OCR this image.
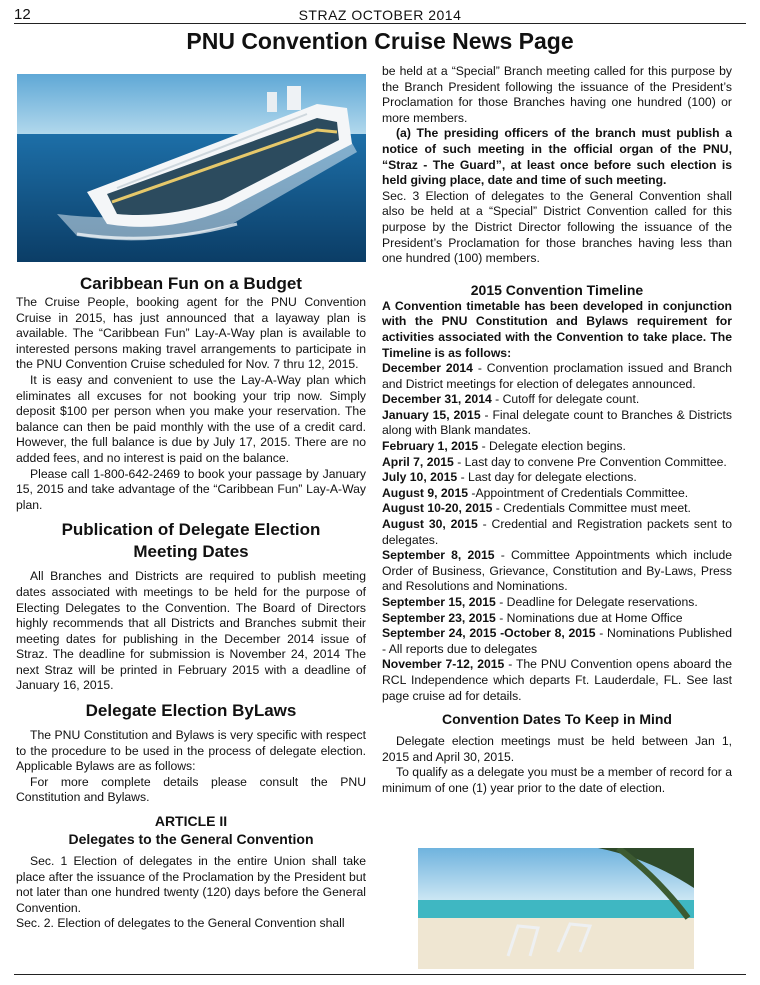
12	STRAZ OCTOBER 2014
PNU Convention Cruise News Page
Caribbean Fun on a Budget

The Cruise People, booking agent for the PNU Convention Cruise in 2015, has just announced that a layaway plan is available. The “Caribbean Fun” Lay-A-Way plan is available to interested persons making travel arrangements to participate in the PNU Convention Cruise scheduled for Nov. 7 thru 12, 2015.

It is easy and convenient to use the Lay-A-Way plan which eliminates all excuses for not booking your trip now. Simply deposit $100 per person when you make your reservation. The balance can then be paid monthly with the use of a credit card. However, the full balance is due by July 17, 2015. There are no added fees, and no interest is paid on the balance.

Please call 1-800-642-2469 to book your passage by January 15, 2015 and take advantage of the “Caribbean Fun” Lay-A-Way plan.

Publication of Delegate Election
Meeting Dates

All Branches and Districts are required to publish meeting dates associated with meetings to be held for the purpose of Electing Delegates to the Convention. The Board of Directors highly recommends that all Districts and Branches submit their meeting dates for publishing in the December 2014 issue of Straz. The deadline for submission is November 24, 2014 The next Straz will be printed in February 2015 with a deadline of January 16, 2015.

Delegate Election ByLaws

The PNU Constitution and Bylaws is very specific with respect to the procedure to be used in the process of delegate election. Applicable Bylaws are as follows:

For more complete details please consult the PNU Constitution and Bylaws.

ARTICLE II
Delegates to the General Convention

Sec. 1 Election of delegates in the entire Union shall take place after the issuance of the Proclamation by the President but not later than one hundred twenty (120) days before the General Convention.

Sec. 2. Election of delegates to the General Convention shall

be held at a “Special” Branch meeting called for this purpose by the Branch President following the issuance of the President’s Proclamation for those Branches having one hundred (100) or more members.

(a) The presiding officers of the branch must publish a notice of such meeting in the official organ of the PNU, “Straz - The Guard”, at least once before such election is held giving place, date and time of such meeting.

Sec. 3 Election of delegates to the General Convention shall also be held at a “Special” District Convention called for this purpose by the District Director following the issuance of the President’s Proclamation for those branches having less than one hundred (100) members.

2015 Convention Timeline

A Convention timetable has been developed in conjunction with the PNU Constitution and Bylaws requirement for activities associated with the Convention to take place. The Timeline is as follows:

December 2014 - Convention proclamation issued and Branch and District meetings for election of delegates announced.

December 31, 2014 - Cutoff for delegate count.

January 15, 2015 - Final delegate count to Branches & Districts along with Blank mandates.

February 1, 2015 - Delegate election begins.

April 7, 2015 - Last day to convene Pre Convention Committee.

July 10, 2015 - Last day for delegate elections.

August 9, 2015 -Appointment of Credentials Committee.

August 10-20, 2015 - Credentials Committee must meet.

August 30, 2015 - Credential and Registration packets sent to delegates.

September 8, 2015 - Committee Appointments which include Order of Business, Grievance, Constitution and By-Laws, Press and Resolutions and Nominations.

September 15, 2015 - Deadline for Delegate reservations.

September 23, 2015 - Nominations due at Home Office

September 24, 2015 -October 8, 2015 - Nominations Published - All reports due to delegates

November 7-12, 2015 - The PNU Convention opens aboard the RCL Independence which departs Ft. Lauderdale, FL. See last page cruise ad for details.

Convention Dates To Keep in Mind

Delegate election meetings must be held between Jan 1, 2015 and April 30, 2015.

To qualify as a delegate you must be a member of record for a minimum of one (1) year prior to the date of election.
